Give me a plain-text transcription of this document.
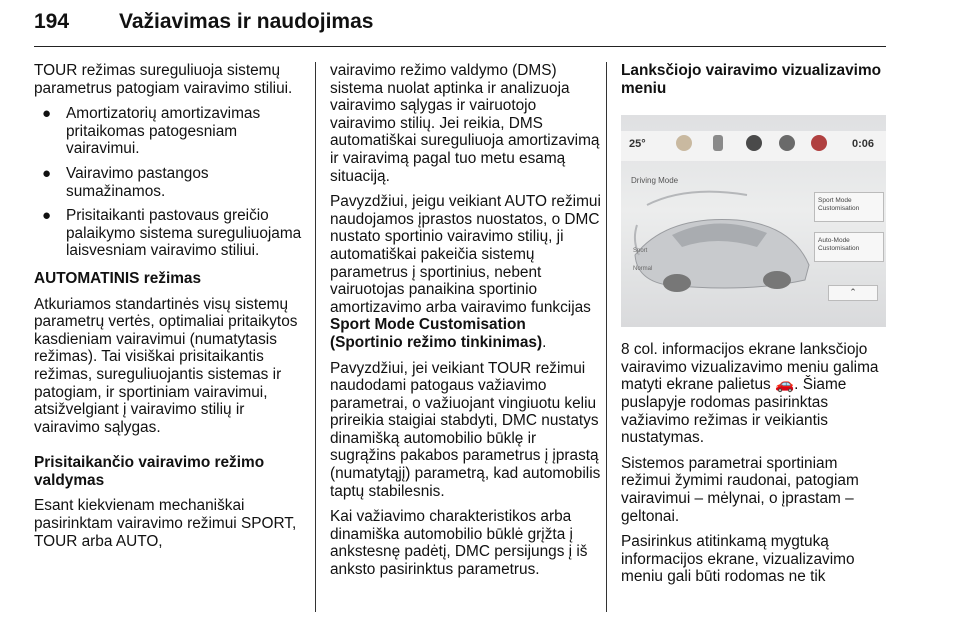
194 Važiavimas ir naudojimas

TOUR režimas sureguliuoja sistemų parametrus patogiam vairavimo stiliui.

● Amortizatorių amortizavimas pritaikomas patogesniam vairavimui.
● Vairavimo pastangos sumažinamos.
● Prisitaikanti pastovaus greičio palaikymo sistema sureguliuojama laisvesniam vairavimo stiliui.

AUTOMATINIS režimas

Atkuriamos standartinės visų sistemų parametrų vertės, optimaliai pritaikytos kasdieniam vairavimui (numatytasis režimas). Tai visiškai prisitaikantis režimas, sureguliuojantis sistemas ir patogiam, ir sportiniam vairavimui, atsižvelgiant į vairavimo stilių ir vairavimo sąlygas.

Prisitaikančio vairavimo režimo valdymas

Esant kiekvienam mechaniškai pasirinktam vairavimo režimui SPORT, TOUR arba AUTO,

vairavimo režimo valdymo (DMS) sistema nuolat aptinka ir analizuoja vairavimo sąlygas ir vairuotojo vairavimo stilių. Jei reikia, DMS automatiškai sureguliuoja amortizavimą ir vairavimą pagal tuo metu esamą situaciją.

Pavyzdžiui, jeigu veikiant AUTO režimui naudojamos įprastos nuostatos, o DMC nustato sportinio vairavimo stilių, ji automatiškai pakeičia sistemų parametrus į sportinius, nebent vairuotojas panaikina sportinio amortizavimo arba vairavimo funkcijas Sport Mode Customisation (Sportinio režimo tinkinimas).

Pavyzdžiui, jei veikiant TOUR režimui naudodami patogaus važiavimo parametrai, o važiuojant vingiuotu keliu prireikia staigiai stabdyti, DMC nustatys dinamišką automobilio būklę ir sugrąžins pakabos parametrus į įprastą (numatytąjį) parametrą, kad automobilis taptų stabilesnis.

Kai važiavimo charakteristikos arba dinamiška automobilio būklė grįžta į ankstesnę padėtį, DMC persijungs į iš anksto pasirinktus parametrus.

Lanksčiojo vairavimo vizualizavimo meniu

25°	0:06
Driving Mode
Sport Mode Customisation
Auto-Mode Customisation
Sport
Normal
⌃

8 col. informacijos ekrane lanksčiojo vairavimo vizualizavimo meniu galima matyti ekrane palietus 🚗. Šiame puslapyje rodomas pasirinktas važiavimo režimas ir veikiantis nustatymas.

Sistemos parametrai sportiniam režimui žymimi raudonai, patogiam vairavimui – mėlynai, o įprastam – geltonai.

Pasirinkus atitinkamą mygtuką informacijos ekrane, vizualizavimo meniu gali būti rodomas ne tik
